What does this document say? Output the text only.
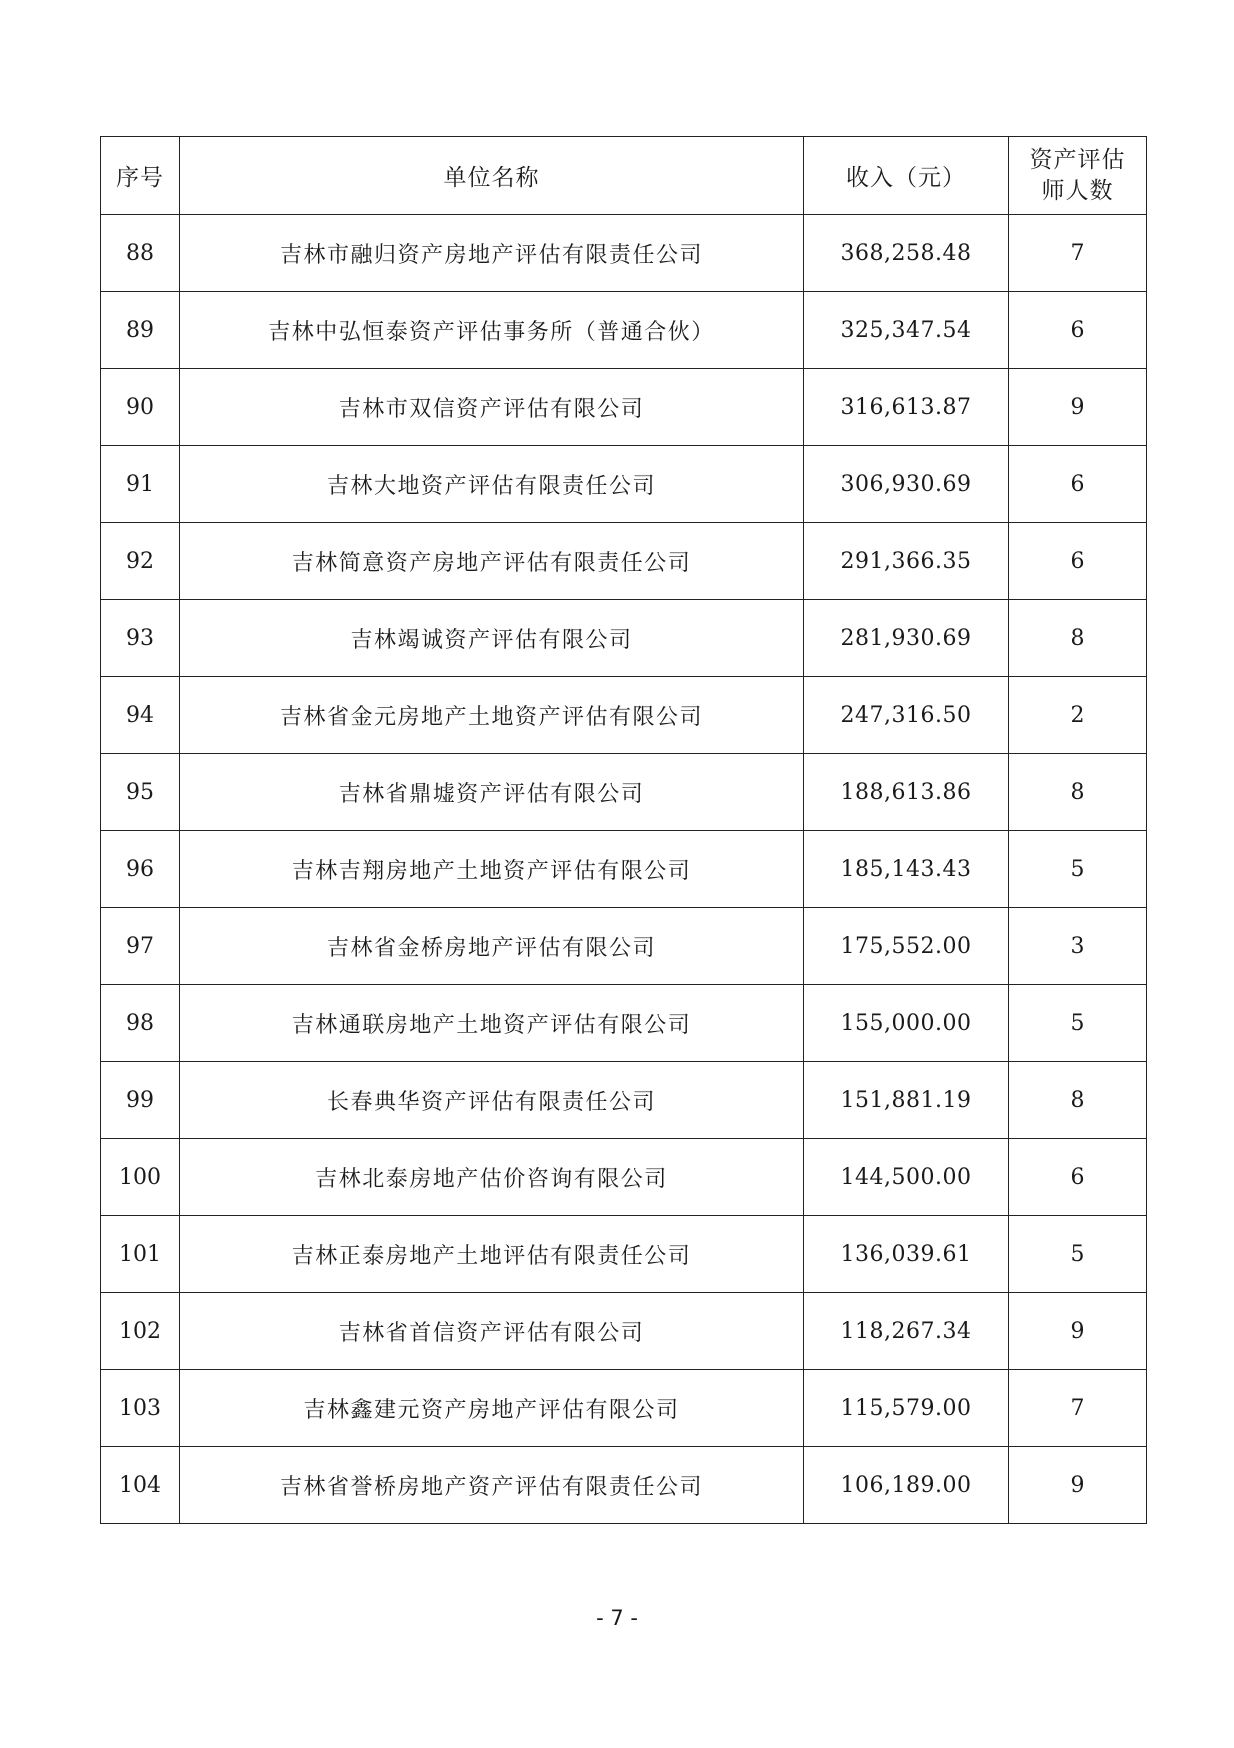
序号	单位名称	收入（元）	资产评估
师人数

88	吉林市融归资产房地产评估有限责任公司	368,258.48	7
89	吉林中弘恒泰资产评估事务所（普通合伙）	325,347.54	6
90	吉林市双信资产评估有限公司	316,613.87	9
91	吉林大地资产评估有限责任公司	306,930.69	6
92	吉林简意资产房地产评估有限责任公司	291,366.35	6
93	吉林竭诚资产评估有限公司	281,930.69	8
94	吉林省金元房地产土地资产评估有限公司	247,316.50	2
95	吉林省鼎墟资产评估有限公司	188,613.86	8
96	吉林吉翔房地产土地资产评估有限公司	185,143.43	5
97	吉林省金桥房地产评估有限公司	175,552.00	3
98	吉林通联房地产土地资产评估有限公司	155,000.00	5
99	长春典华资产评估有限责任公司	151,881.19	8
100	吉林北泰房地产估价咨询有限公司	144,500.00	6
101	吉林正泰房地产土地评估有限责任公司	136,039.61	5
102	吉林省首信资产评估有限公司	118,267.34	9
103	吉林鑫建元资产房地产评估有限公司	115,579.00	7
104	吉林省誉桥房地产资产评估有限责任公司	106,189.00	9
- 7 -
